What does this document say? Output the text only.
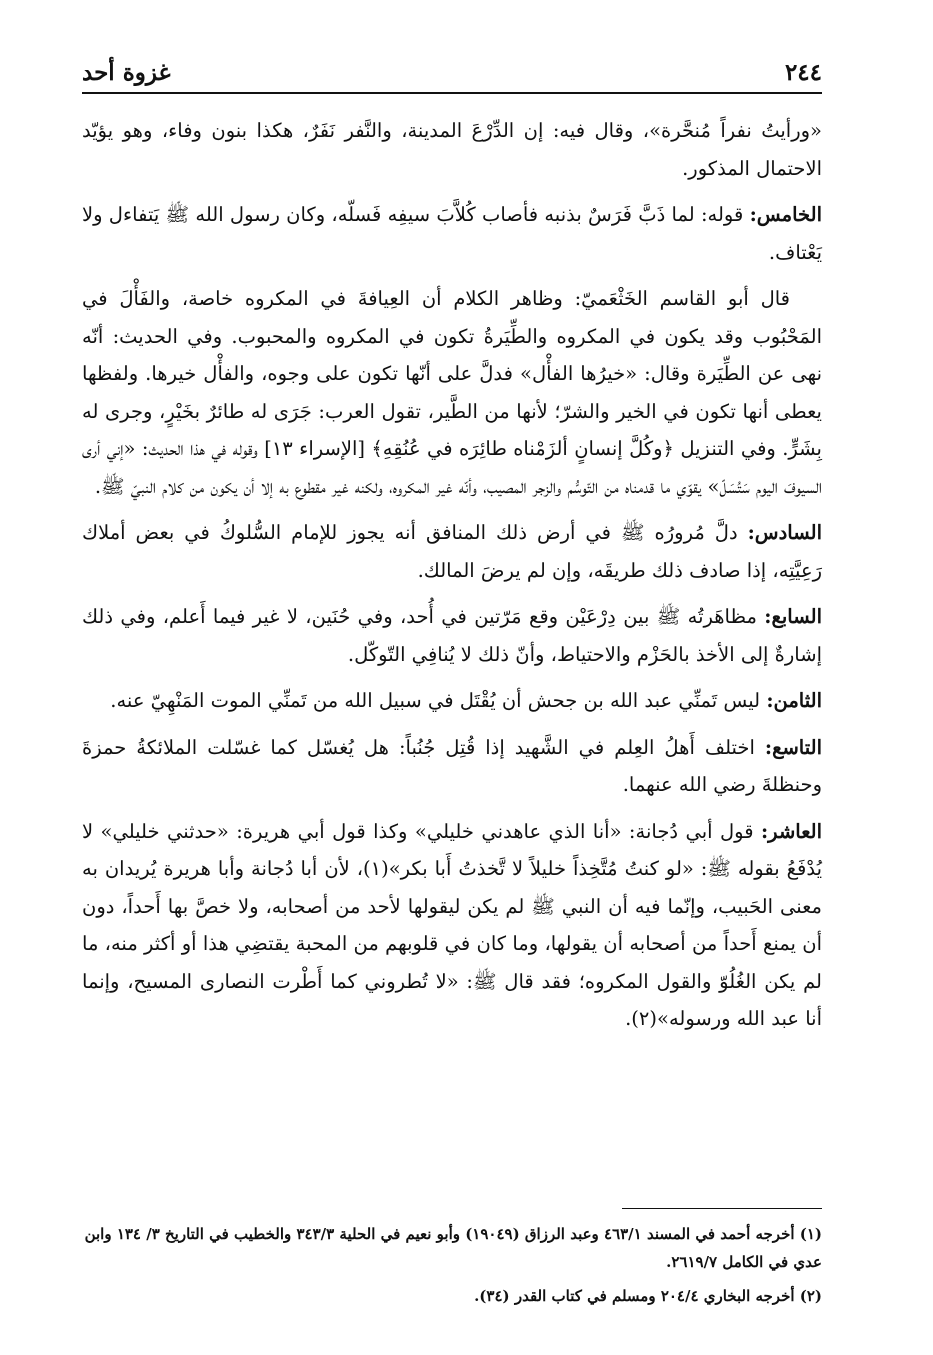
٢٤٤
غزوة أحد

«ورأيتُ نفراً مُنحَّرة»، وقال فيه: إن الدِّرْعَ المدينة، والنَّفر نَفَرٌ، هكذا بنون وفاء، وهو يؤيّد الاحتمال المذكور.

الخامس: قوله: لما ذَبَّ فَرَسٌ بذنبه فأصاب كُلاَّبَ سيفِه فَسلّه، وكان رسول الله ﷺ يَتفاءل ولا يَعْتاف.

قال أبو القاسم الخَثْعَميّ: وظاهر الكلام أن العِيافةَ في المكروه خاصة، والفَأْلَ في المَحْبُوب وقد يكون في المكروه والطِّيَرةُ تكون في المكروه والمحبوب. وفي الحديث: أنّه نهى عن الطِّيَرة وقال: «خيرُها الفأْل» فدلَّ على أنّها تكون على وجوه، والفأْل خيرها. ولفظها يعطى أنها تكون في الخير والشرّ؛ لأنها من الطَّير، تقول العرب: جَرَى له طائرٌ بخَيْرٍ، وجرى له بِشَرٍّ. وفي التنزيل ﴿وكُلَّ إنسانٍ ألزَمْناه طائِرَه في عُنُقِهِ﴾ [الإسراء ١٣] وقوله في هذا الحديث: «إني أرى السيوفَ اليوم سَتُسَلّ» يقوّي ما قدمناه من التّوسُّم والزجر المصيب، وأنّه غير المكروه، ولكنه غير مقطوع به إلا أن يكون من كلام النبيّ ﷺ.

السادس: دلَّ مُرورُه ﷺ في أرض ذلك المنافق أنه يجوز للإمام السُّلوكُ في بعض أملاك رَعِيَّتِه، إذا صادف ذلك طريقَه، وإن لم يرضَ المالك.

السابع: مظاهَرتُه ﷺ بين دِرْعَيْن وقع مَرّتين في أُحد، وفي حُنَين، لا غير فيما أَعلم، وفي ذلك إشارةٌ إلى الأخذ بالحَزْم والاحتياط، وأنّ ذلك لا يُنافِي التّوكّل.

الثامن: ليس تَمنِّي عبد الله بن جحش أن يُقْتَل في سبيل الله من تَمنِّي الموت المَنْهِيّ عنه.

التاسع: اختلف أَهلُ العِلم في الشَّهيد إذا قُتِل جُنُباً: هل يُغسّل كما غسّلت الملائكةُ حمزةَ وحنظلةَ رضي الله عنهما.

العاشر: قول أبي دُجانة: «أنا الذي عاهدني خليلي» وكذا قول أبي هريرة: «حدثني خليلي» لا يُدْفَعُ بقوله ﷺ: «لو كنتُ مُتَّخِذاً خليلاً لا تَّخذتُ أَبا بكر»(١)، لأن أبا دُجانة وأبا هريرة يُريدان به معنى الحَبيب، وإنّما فيه أن النبي ﷺ لم يكن ليقولها لأحد من أصحابه، ولا خصَّ بها أَحداً، دون أن يمنع أَحداً من أصحابه أن يقولها، وما كان في قلوبهم من المحبة يقتضِي هذا أو أكثر منه، ما لم يكن الغُلُوّ والقول المكروه؛ فقد قال ﷺ: «لا تُطروني كما أَطْرت النصارى المسيح، وإنما أنا عبد الله ورسوله»(٢).

(١) أخرجه أحمد في المسند ٤٦٣/١ وعبد الرزاق (١٩٠٤٩) وأبو نعيم في الحلية ٣٤٣/٣ والخطيب في التاريخ ٣/ ١٣٤ وابن عدي في الكامل ٢٦١٩/٧.

(٢) أخرجه البخاري ٢٠٤/٤ ومسلم في كتاب القدر (٣٤).
